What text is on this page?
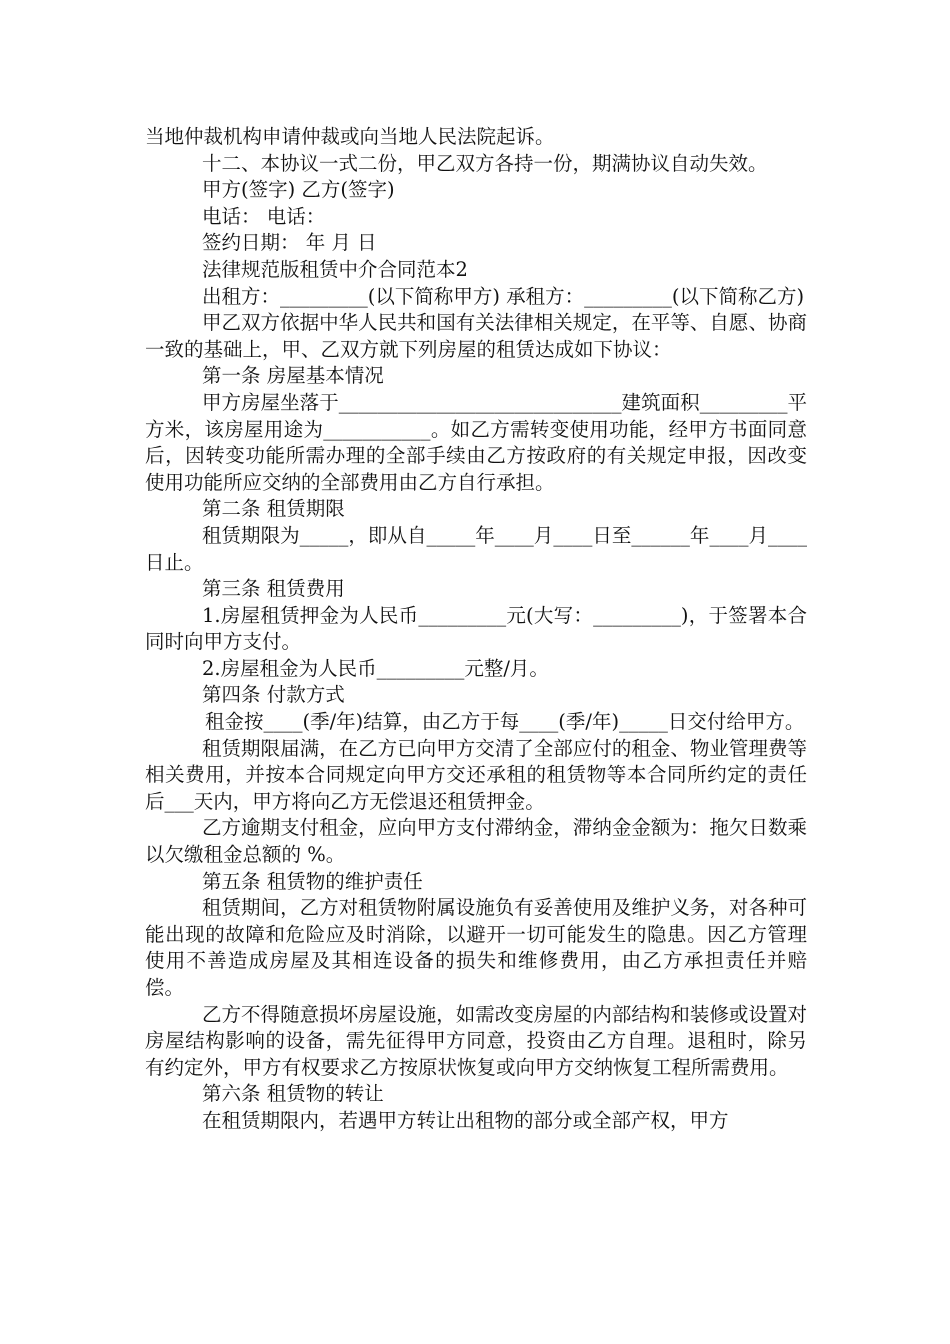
当地仲裁机构申请仲裁或向当地人民法院起诉。

十二、本协议一式二份，甲乙双方各持一份，期满协议自动失效。

甲方(签字) 乙方(签字)

电话： 电话：

签约日期： 年 月 日

法律规范版租赁中介合同范本2

出租方：_________(以下简称甲方) 承租方：_________(以下简称乙方)

甲乙双方依据中华人民共和国有关法律相关规定，在平等、自愿、协商一致的基础上，甲、乙双方就下列房屋的租赁达成如下协议：

第一条 房屋基本情况

甲方房屋坐落于_____________________________建筑面积_________平方米，该房屋用途为___________。如乙方需转变使用功能，经甲方书面同意后，因转变功能所需办理的全部手续由乙方按政府的有关规定申报，因改变使用功能所应交纳的全部费用由乙方自行承担。

第二条 租赁期限

租赁期限为_____，即从自_____年____月____日至______年____月____日止。

第三条 租赁费用

1.房屋租赁押金为人民币_________元(大写：_________)，于签署本合同时向甲方支付。

2.房屋租金为人民币_________元整/月。

第四条 付款方式

租金按____(季/年)结算，由乙方于每____(季/年)_____日交付给甲方。

租赁期限届满，在乙方已向甲方交清了全部应付的租金、物业管理费等相关费用，并按本合同规定向甲方交还承租的租赁物等本合同所约定的责任后___天内，甲方将向乙方无偿退还租赁押金。

乙方逾期支付租金，应向甲方支付滞纳金，滞纳金金额为：拖欠日数乘以欠缴租金总额的 %。

第五条 租赁物的维护责任

租赁期间，乙方对租赁物附属设施负有妥善使用及维护义务，对各种可能出现的故障和危险应及时消除，以避开一切可能发生的隐患。因乙方管理使用不善造成房屋及其相连设备的损失和维修费用，由乙方承担责任并赔偿。

乙方不得随意损坏房屋设施，如需改变房屋的内部结构和装修或设置对房屋结构影响的设备，需先征得甲方同意，投资由乙方自理。退租时，除另有约定外，甲方有权要求乙方按原状恢复或向甲方交纳恢复工程所需费用。

第六条 租赁物的转让

在租赁期限内，若遇甲方转让出租物的部分或全部产权，甲方
